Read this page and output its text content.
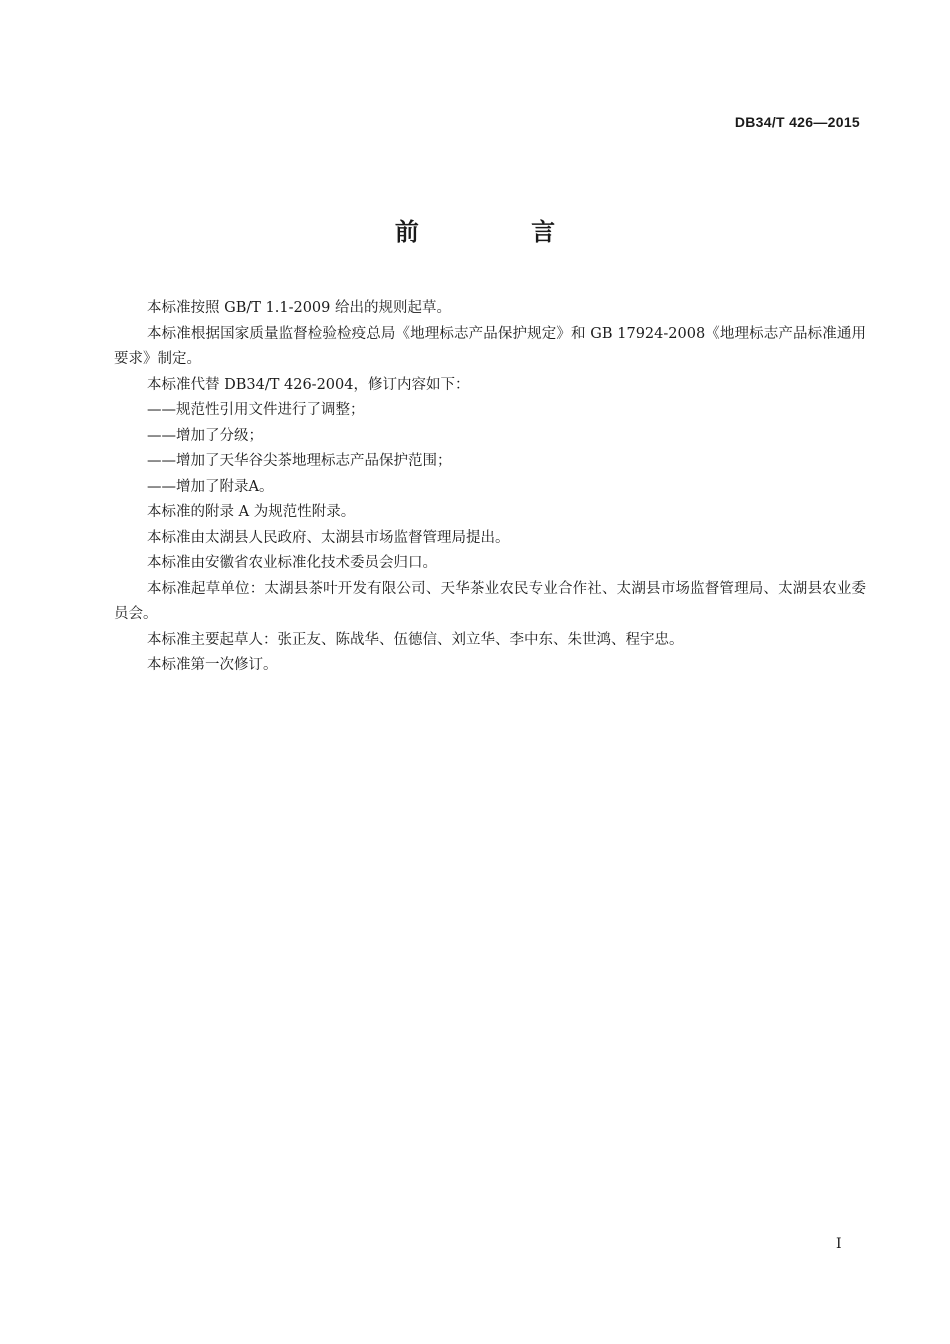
DB34/T 426—2015
前 言

本标准按照 GB/T 1.1-2009 给出的规则起草。

本标准根据国家质量监督检验检疫总局《地理标志产品保护规定》和 GB 17924-2008《地理标志产品标准通用要求》制定。

本标准代替 DB34/T 426-2004，修订内容如下：

——规范性引用文件进行了调整；

——增加了分级；

——增加了天华谷尖茶地理标志产品保护范围；

——增加了附录A。

本标准的附录 A 为规范性附录。

本标准由太湖县人民政府、太湖县市场监督管理局提出。

本标准由安徽省农业标准化技术委员会归口。

本标准起草单位：太湖县茶叶开发有限公司、天华茶业农民专业合作社、太湖县市场监督管理局、太湖县农业委员会。

本标准主要起草人：张正友、陈战华、伍德信、刘立华、李中东、朱世鸿、程宇忠。

本标准第一次修订。

I
